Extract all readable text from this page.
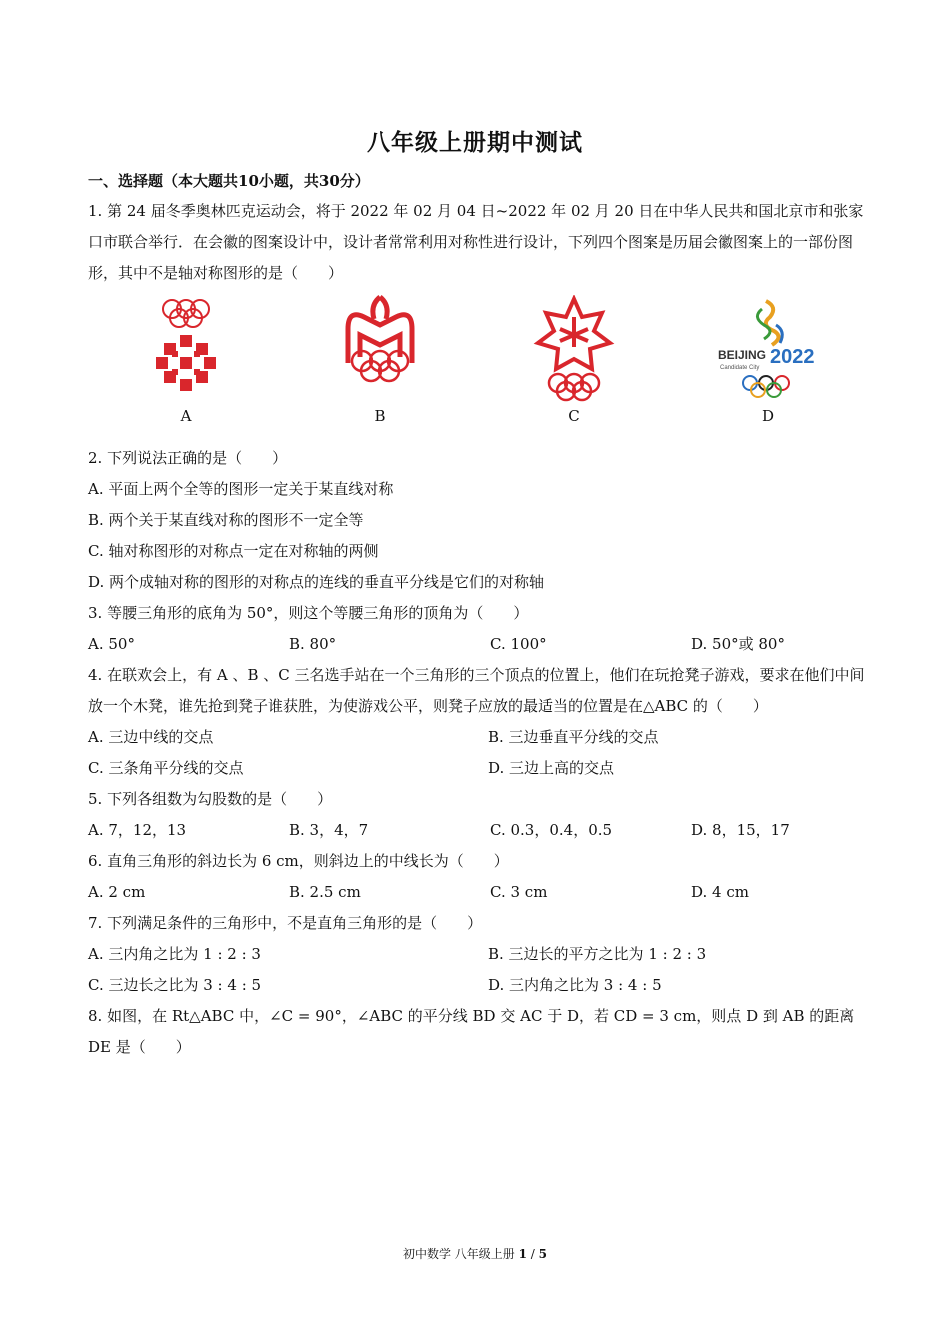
八年级上册期中测试
一、选择题（本大题共10小题，共30分）

1. 第 24 届冬季奥林匹克运动会，将于 2022 年 02 月 04 日~2022 年 02 月 20 日在中华人民共和国北京市和张家口市联合举行．在会徽的图案设计中，设计者常常利用对称性进行设计，下列四个图案是历届会徽图案上的一部份图形，其中不是轴对称图形的是（　　）

BEIJING 2022
Candidate City
A	B	C	D

2. 下列说法正确的是（　　）

A. 平面上两个全等的图形一定关于某直线对称

B. 两个关于某直线对称的图形不一定全等

C. 轴对称图形的对称点一定在对称轴的两侧

D. 两个成轴对称的图形的对称点的连线的垂直平分线是它们的对称轴

3. 等腰三角形的底角为 50°，则这个等腰三角形的顶角为（　　）

A. 50°	B. 80°	C. 100°	D. 50°或 80°

4. 在联欢会上，有 A 、B 、C 三名选手站在一个三角形的三个顶点的位置上，他们在玩抢凳子游戏，要求在他们中间放一个木凳，谁先抢到凳子谁获胜，为使游戏公平，则凳子应放的最适当的位置是在△ABC 的（　　）

A. 三边中线的交点	B. 三边垂直平分线的交点
C. 三条角平分线的交点	D. 三边上高的交点

5. 下列各组数为勾股数的是（　　）

A. 7，12，13	B. 3，4，7	C. 0.3，0.4，0.5	D. 8，15，17

6. 直角三角形的斜边长为 6 cm，则斜边上的中线长为（　　）

A. 2 cm	B. 2.5 cm	C. 3 cm	D. 4 cm

7. 下列满足条件的三角形中，不是直角三角形的是（　　）

A. 三内角之比为 1 : 2 : 3	B. 三边长的平方之比为 1 : 2 : 3
C. 三边长之比为 3 : 4 : 5	D. 三内角之比为 3 : 4 : 5

8. 如图，在 Rt△ABC 中，∠C = 90°，∠ABC 的平分线 BD 交 AC 于 D，若 CD = 3 cm，则点 D 到 AB 的距离 DE 是（　　）

初中数学 八年级上册 1 / 5
